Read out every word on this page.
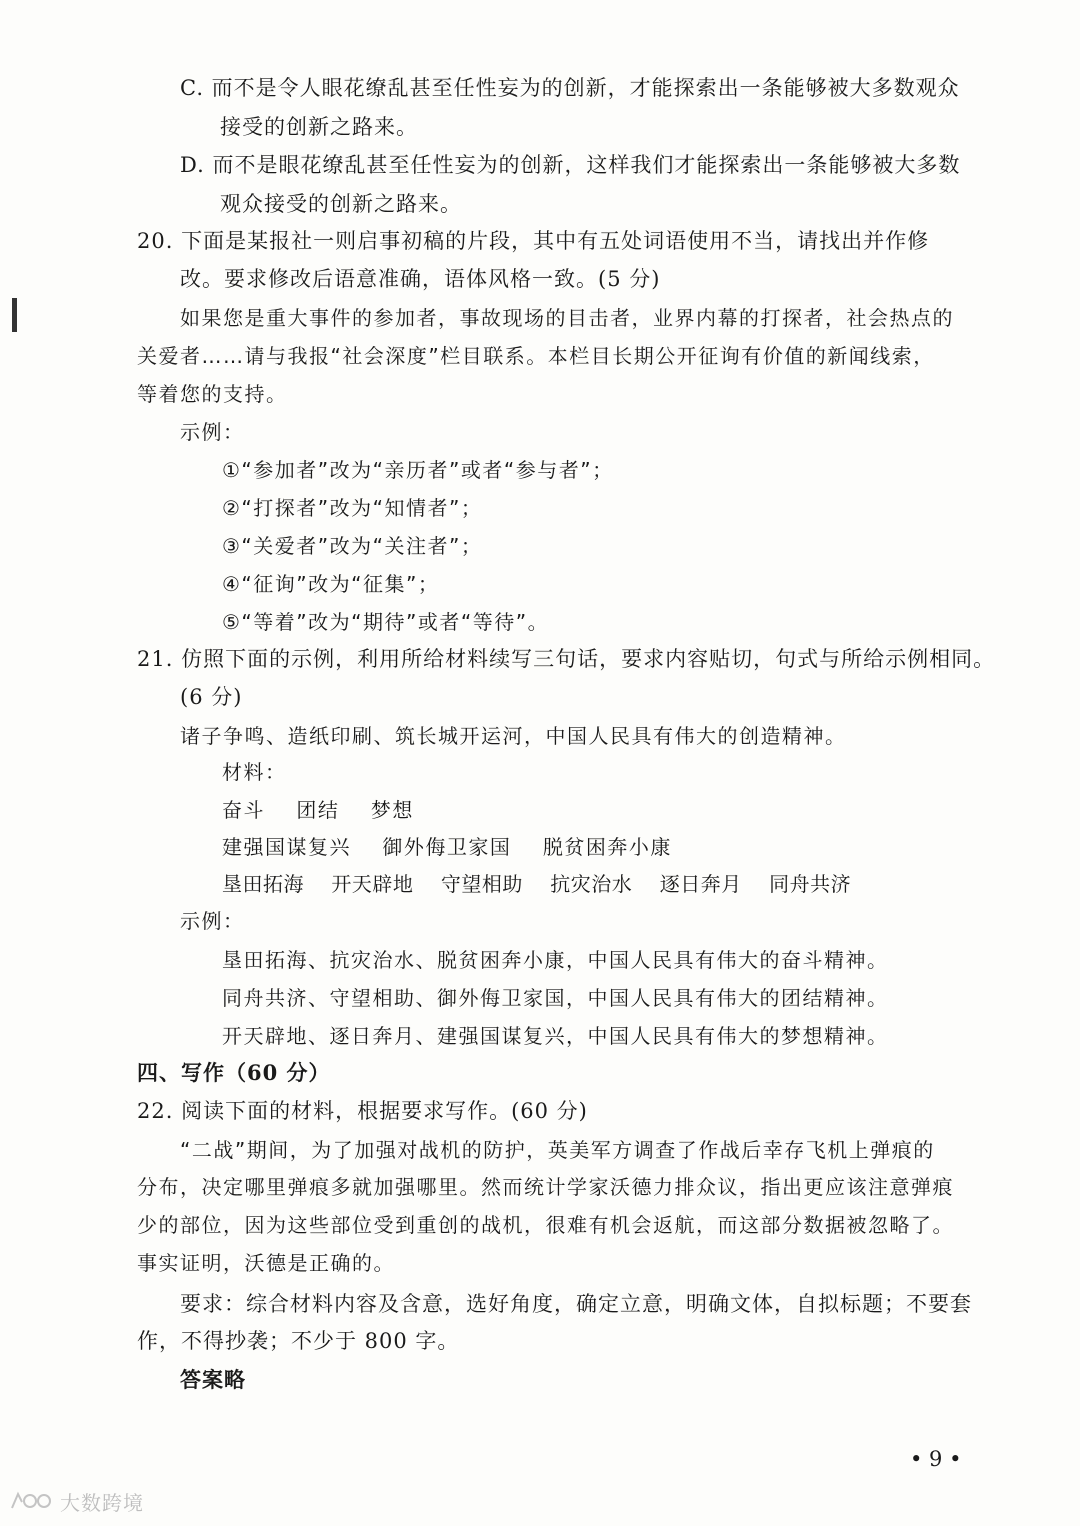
C. 而不是令人眼花缭乱甚至任性妄为的创新，才能探索出一条能够被大多数观众
接受的创新之路来。
D. 而不是眼花缭乱甚至任性妄为的创新，这样我们才能探索出一条能够被大多数
观众接受的创新之路来。
20. 下面是某报社一则启事初稿的片段，其中有五处词语使用不当，请找出并作修
改。要求修改后语意准确，语体风格一致。(5 分)
如果您是重大事件的参加者，事故现场的目击者，业界内幕的打探者，社会热点的
关爱者……请与我报“社会深度”栏目联系。本栏目长期公开征询有价值的新闻线索，
等着您的支持。
示例：
①“参加者”改为“亲历者”或者“参与者”；
②“打探者”改为“知情者”；
③“关爱者”改为“关注者”；
④“征询”改为“征集”；
⑤“等着”改为“期待”或者“等待”。
21. 仿照下面的示例，利用所给材料续写三句话，要求内容贴切，句式与所给示例相同。
(6 分)
诸子争鸣、造纸印刷、筑长城开运河，中国人民具有伟大的创造精神。
材料：
奋斗    团结    梦想
建强国谋复兴    御外侮卫家国    脱贫困奔小康
垦田拓海    开天辟地    守望相助    抗灾治水    逐日奔月    同舟共济
示例：
垦田拓海、抗灾治水、脱贫困奔小康，中国人民具有伟大的奋斗精神。
同舟共济、守望相助、御外侮卫家国，中国人民具有伟大的团结精神。
开天辟地、逐日奔月、建强国谋复兴，中国人民具有伟大的梦想精神。
四、写作（60 分）
22. 阅读下面的材料，根据要求写作。(60 分)
“二战”期间，为了加强对战机的防护，英美军方调查了作战后幸存飞机上弹痕的
分布，决定哪里弹痕多就加强哪里。然而统计学家沃德力排众议，指出更应该注意弹痕
少的部位，因为这些部位受到重创的战机，很难有机会返航，而这部分数据被忽略了。
事实证明，沃德是正确的。
要求：综合材料内容及含意，选好角度，确定立意，明确文体，自拟标题；不要套
作，不得抄袭；不少于 800 字。
答案略
• 9 •
大数跨境
